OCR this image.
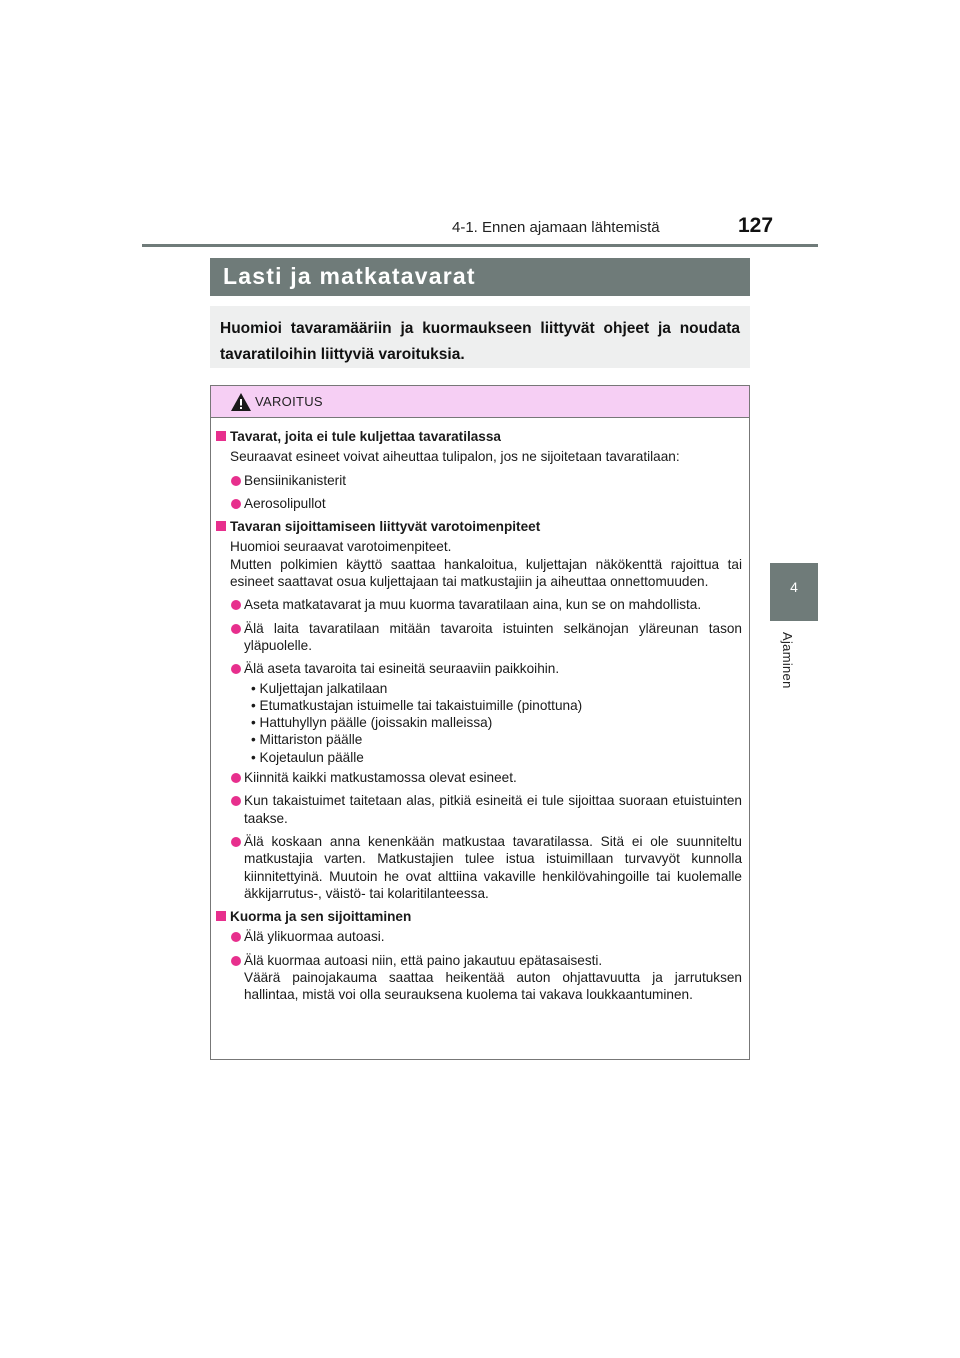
4-1. Ennen ajamaan lähtemistä	127
4
Ajaminen
Lasti ja matkatavarat
Huomioi tavaramääriin ja kuormaukseen liittyvät ohjeet ja noudata tavaratiloihin liittyviä varoituksia.
VAROITUS
Tavarat, joita ei tule kuljettaa tavaratilassa
Seuraavat esineet voivat aiheuttaa tulipalon, jos ne sijoitetaan tavaratilaan:
Bensiinikanisterit
Aerosolipullot
Tavaran sijoittamiseen liittyvät varotoimenpiteet
Huomioi seuraavat varotoimenpiteet.
Mutten polkimien käyttö saattaa hankaloitua, kuljettajan näkökenttä rajoittua tai esineet saattavat osua kuljettajaan tai matkustajiin ja aiheuttaa onnettomuuden.
Aseta matkatavarat ja muu kuorma tavaratilaan aina, kun se on mahdollista.
Älä laita tavaratilaan mitään tavaroita istuinten selkänojan yläreunan tason yläpuolelle.
Älä aseta tavaroita tai esineitä seuraaviin paikkoihin.
• Kuljettajan jalkatilaan
• Etumatkustajan istuimelle tai takaistuimille (pinottuna)
• Hattuhyllyn päälle (joissakin malleissa)
• Mittariston päälle
• Kojetaulun päälle
Kiinnitä kaikki matkustamossa olevat esineet.
Kun takaistuimet taitetaan alas, pitkiä esineitä ei tule sijoittaa suoraan etuistuinten taakse.
Älä koskaan anna kenenkään matkustaa tavaratilassa. Sitä ei ole suunniteltu matkustajia varten. Matkustajien tulee istua istuimillaan turvavyöt kunnolla kiinnitettyinä. Muutoin he ovat alttiina vakaville henkilövahingoille tai kuolemalle äkkijarrutus-, väistö- tai kolaritilanteessa.
Kuorma ja sen sijoittaminen
Älä ylikuormaa autoasi.
Älä kuormaa autoasi niin, että paino jakautuu epätasaisesti.
Väärä painojakauma saattaa heikentää auton ohjattavuutta ja jarrutuksen hallintaa, mistä voi olla seurauksena kuolema tai vakava loukkaantuminen.
